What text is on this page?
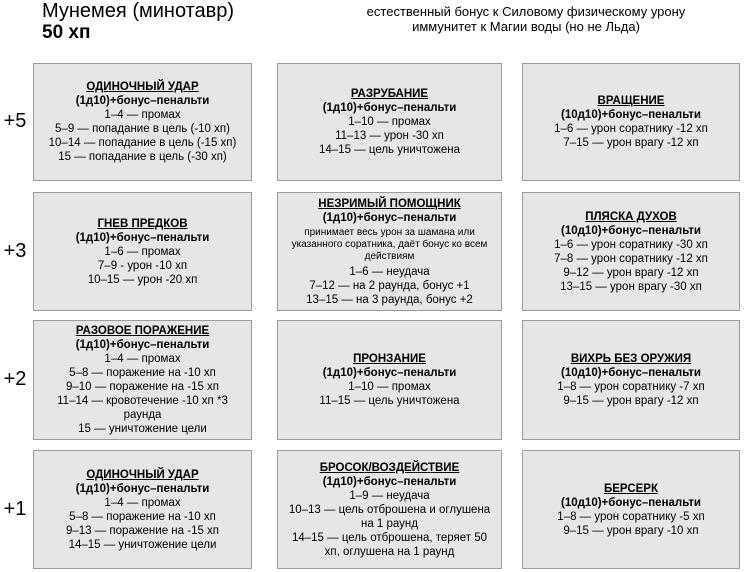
Мунемея (минотавр)
50 хп
естественный бонус к Силовому физическому урону
иммунитет к Магии воды (но не Льда)
+5
ОДИНОЧНЫЙ УДАР
(1д10)+бонус–пенальти
1–4 — промах
5–9 — попадание в цель (-10 хп)
10–14 — попадание в цель (-15 хп)
15 — попадание в цель (-30 хп)
РАЗРУБАНИЕ
(1д10)+бонус–пенальти
1–10 — промах
11–13 — урон -30 хп
14–15 — цель уничтожена
ВРАЩЕНИЕ
(10д10)+бонус–пенальти
1–6 — урон соратнику -12 хп
7–15 — урон врагу -12 хп
+3
ГНЕВ ПРЕДКОВ
(1д10)+бонус–пенальти
1–6 — промах
7–9 - урон -10 хп
10–15 — урон -20 хп
НЕЗРИМЫЙ ПОМОЩНИК
(1д10)+бонус–пенальти
принимает весь урон за шамана или указанного соратника, даёт бонус ко всем действиям
1–6 — неудача
7–12 — на 2 раунда, бонус +1
13–15 — на 3 раунда, бонус +2
ПЛЯСКА ДУХОВ
(10д10)+бонус–пенальти
1–6 — урон соратнику -30 хп
7–8 — урон соратнику -12 хп
9–12 — урон врагу -12 хп
13–15 — урон врагу -30 хп
+2
РАЗОВОЕ ПОРАЖЕНИЕ
(1д10)+бонус–пенальти
1–4 — промах
5–8 — поражение на -10 хп
9–10 — поражение на -15 хп
11–14 — кровотечение -10 хп *3 раунда
15 — уничтожение цели
ПРОНЗАНИЕ
(1д10)+бонус–пенальти
1–10 — промах
11–15 — цель уничтожена
ВИХРЬ БЕЗ ОРУЖИЯ
(10д10)+бонус–пенальти
1–8 — урон соратнику -7 хп
9–15 — урон врагу -12 хп
+1
ОДИНОЧНЫЙ УДАР
(1д10)+бонус–пенальти
1–4 — промах
5–8 — поражение на -10 хп
9–13 — поражение на -15 хп
14–15 — уничтожение цели
БРОСОК/ВОЗДЕЙСТВИЕ
(1д10)+бонус–пенальти
1–9 — неудача
10–13 — цель отброшена и оглушена на 1 раунд
14–15 — цель отброшена, теряет 50 хп, оглушена на 1 раунд
БЕРСЕРК
(10д10)+бонус–пенальти
1–8 — урон соратнику -5 хп
9–15 — урон врагу -10 хп
